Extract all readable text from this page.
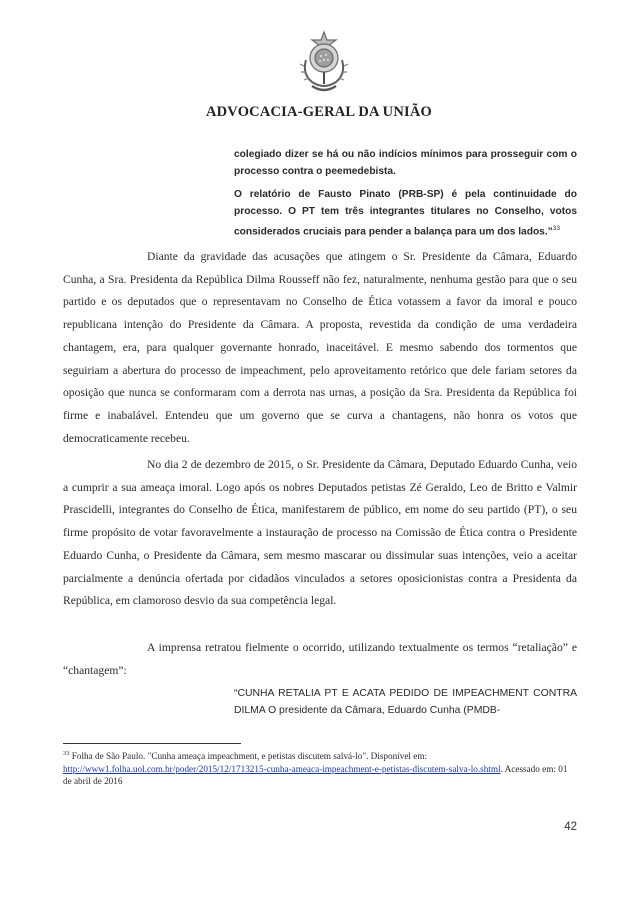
ADVOCACIA-GERAL DA UNIÃO

colegiado dizer se há ou não indícios mínimos para prosseguir com o processo contra o peemedebista.

O relatório de Fausto Pinato (PRB-SP) é pela continuidade do processo. O PT tem três integrantes titulares no Conselho, votos considerados cruciais para pender a balança para um dos lados.”$^{33}$

Diante da gravidade das acusações que atingem o Sr. Presidente da Câmara, Eduardo Cunha, a Sra. Presidenta da República Dilma Rousseff não fez, naturalmente, nenhuma gestão para que o seu partido e os deputados que o representavam no Conselho de Ética votassem a favor da imoral e pouco republicana intenção do Presidente da Câmara. A proposta, revestida da condição de uma verdadeira chantagem, era, para qualquer governante honrado, inaceitável. E mesmo sabendo dos tormentos que seguiriam a abertura do processo de impeachment, pelo aproveitamento retórico que dele fariam setores da oposição que nunca se conformaram com a derrota nas urnas, a posição da Sra. Presidenta da República foi firme e inabalável. Entendeu que um governo que se curva a chantagens, não honra os votos que democraticamente recebeu.

No dia 2 de dezembro de 2015, o Sr. Presidente da Câmara, Deputado Eduardo Cunha, veio a cumprir a sua ameaça imoral. Logo após os nobres Deputados petistas Zé Geraldo, Leo de Britto e Valmir Prascidelli, integrantes do Conselho de Ética, manifestarem de público, em nome do seu partido (PT), o seu firme propósito de votar favoravelmente a instauração de processo na Comissão de Ética contra o Presidente Eduardo Cunha, o Presidente da Câmara, sem mesmo mascarar ou dissimular suas intenções, veio a aceitar parcialmente a denúncia ofertada por cidadãos vinculados a setores oposicionistas contra a Presidenta da República, em clamoroso desvio da sua competência legal.

A imprensa retratou fielmente o ocorrido, utilizando textualmente os termos “retaliação” e “chantagem”:

“CUNHA RETALIA PT E ACATA PEDIDO DE IMPEACHMENT CONTRA DILMA O presidente da Câmara, Eduardo Cunha (PMDB-
$^{33}$ Folha de São Paulo. "Cunha ameaça impeachment, e petistas discutem salvá-lo". Disponível em:
http://www1.folha.uol.com.br/poder/2015/12/1713215-cunha-ameaca-impeachment-e-petistas-discutem-salva-lo.shtml. Acessado em: 01 de abril de 2016
42
